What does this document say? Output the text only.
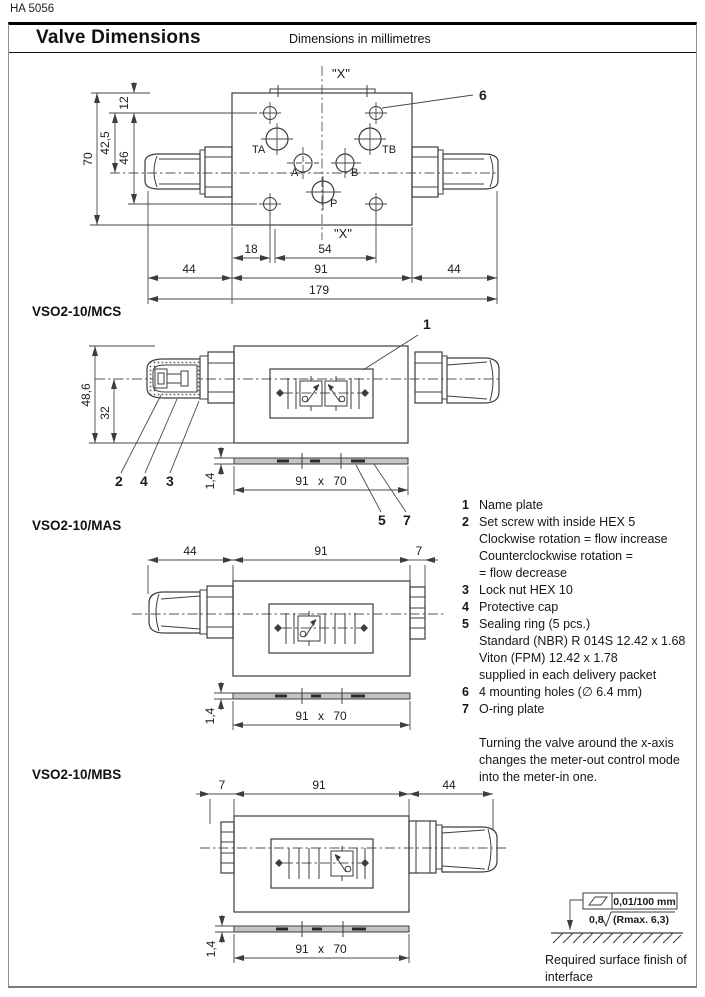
HA 5056
Valve Dimensions	Dimensions in millimetres
TA	TB
A	B
P
"X"
"X"
6
70
42,5
46
12
18	54
44	91	44
179
VSO2-10/MCS
1
2 4 3
5 7
48,6
32
1,4	91 x 70
VSO2-10/MAS
44	91	7
1,4	91 x 70
VSO2-10/MBS
7	91	44
1,4	91 x 70
1 Name plate
2 Set screw with inside HEX 5
Clockwise rotation = flow increase
Counterclockwise rotation =
= flow decrease
3 Lock nut HEX 10
4 Protective cap
5 Sealing ring (5 pcs.)
Standard (NBR) R 014S 12.42 x 1.68
Viton (FPM) 12.42 x 1.78
supplied in each delivery packet
6 4 mounting holes (∅ 6.4 mm)
7 O-ring plate
Turning the valve around the x-axis
changes the meter-out control mode
into the meter-in one.
0,01/100 mm
0,8 (Rmax. 6,3)
Required surface finish of
interface
